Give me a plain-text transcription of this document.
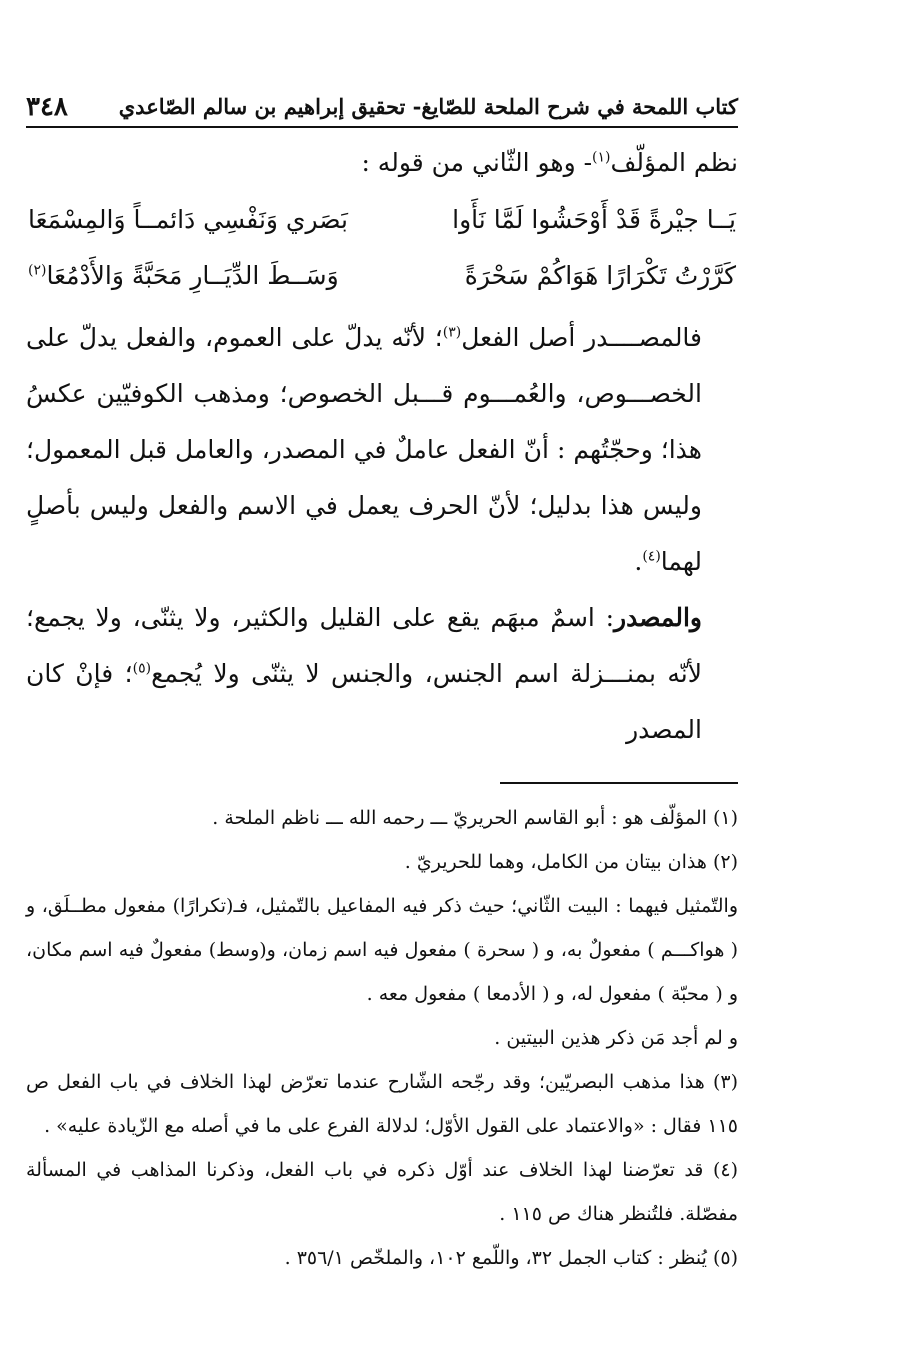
كتاب اللمحة في شرح الملحة للصّايغ- تحقيق إبراهيم بن سالم الصّاعدي
٣٤٨

نظم المؤلّف$^{(١)}$- وهو الثّاني من قوله :

يَــا جيْرةً قَدْ أَوْحَشُوا لَمَّا نَأَوا
بَصَري وَنَفْسِي دَائمــاً وَالمِسْمَعَا
كَرَّرْتُ تَكْرَارًا هَوَاكُمْ سَحْرَةً
وَسَــطَ الدِّيَــارِ مَحَبَّةً وَالأَدْمُعَا$^{(٢)}$

فالمصــــدر أصل الفعل$^{(٣)}$؛ لأنّه يدلّ على العموم، والفعل يدلّ على الخصـــوص، والعُمـــوم قـــبل الخصوص؛ ومذهب الكوفيّين عكسُ هذا؛ وحجّتُهم : أنّ الفعل عاملٌ في المصدر، والعامل قبل المعمول؛ وليس هذا بدليل؛ لأنّ الحرف يعمل في الاسم والفعل وليس بأصلٍ لهما$^{(٤)}$.

والمصدر: اسمٌ مبهَم يقع على القليل والكثير، ولا يثنّى، ولا يجمع؛ لأنّه بمنـــزلة اسم الجنس، والجنس لا يثنّى ولا يُجمع$^{(٥)}$؛ فإنْ كان المصدر

(١) المؤلّف هو : أبو القاسم الحريريّ ـــ رحمه الله ـــ ناظم الملحة .

(٢) هذان بيتان من الكامل، وهما للحريريّ .

والتّمثيل فيهما : البيت الثّاني؛ حيث ذكر فيه المفاعيل بالتّمثيل، فـ(تكرارًا) مفعول مطــلَق، و ( هواكـــم ) مفعولٌ به، و ( سحرة ) مفعول فيه اسم زمان، و(وسط) مفعولٌ فيه اسم مكان، و ( محبّة ) مفعول له، و ( الأدمعا ) مفعول معه .

و لم أجد مَن ذكر هذين البيتين .

(٣) هذا مذهب البصريّين؛ وقد رجّحه الشّارح عندما تعرّض لهذا الخلاف في باب الفعل ص ١١٥ فقال : «والاعتماد على القول الأوّل؛ لدلالة الفرع على ما في أصله مع الزّيادة عليه» .

(٤) قد تعرّضنا لهذا الخلاف عند أوّل ذكره في باب الفعل، وذكرنا المذاهب في المسألة مفصّلة. فلتُنظر هناك ص ١١٥ .

(٥) يُنظر : كتاب الجمل ٣٢، واللّمع ١٠٢، والملخّص ٣٥٦/١ .
